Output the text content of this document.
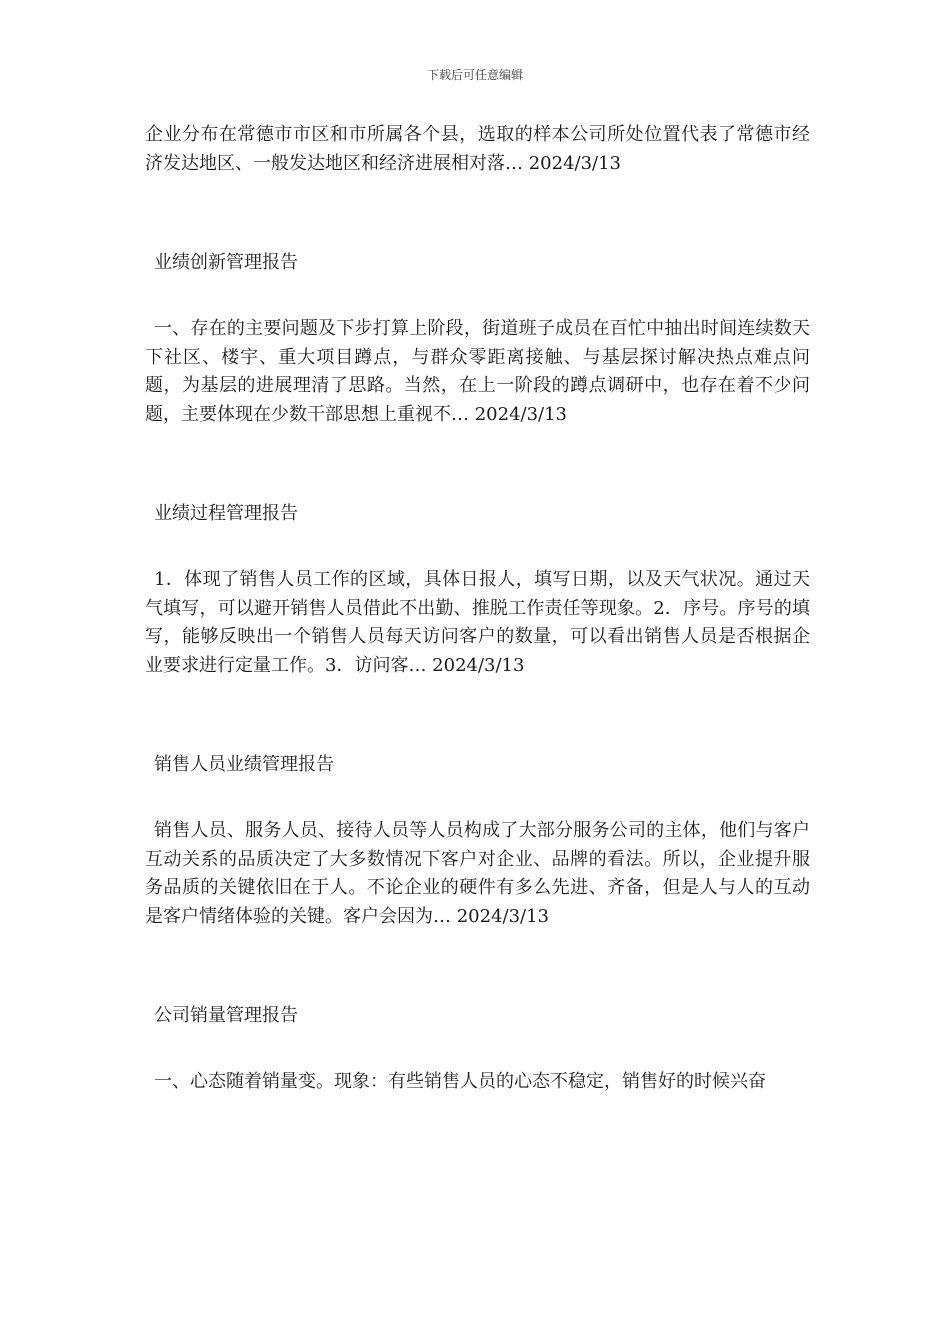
下载后可任意编辑

企业分布在常德市市区和市所属各个县，选取的样本公司所处位置代表了常德市经济发达地区、一般发达地区和经济进展相对落… 2024/3/13

业绩创新管理报告

一、存在的主要问题及下步打算上阶段，街道班子成员在百忙中抽出时间连续数天下社区、楼宇、重大项目蹲点，与群众零距离接触、与基层探讨解决热点难点问题，为基层的进展理清了思路。当然，在上一阶段的蹲点调研中，也存在着不少问题，主要体现在少数干部思想上重视不… 2024/3/13

业绩过程管理报告

1．体现了销售人员工作的区域，具体日报人，填写日期，以及天气状况。通过天气填写，可以避开销售人员借此不出勤、推脱工作责任等现象。2．序号。序号的填写，能够反映出一个销售人员每天访问客户的数量，可以看出销售人员是否根据企业要求进行定量工作。3．访问客… 2024/3/13

销售人员业绩管理报告

销售人员、服务人员、接待人员等人员构成了大部分服务公司的主体，他们与客户互动关系的品质决定了大多数情况下客户对企业、品牌的看法。所以，企业提升服务品质的关键依旧在于人。不论企业的硬件有多么先进、齐备，但是人与人的互动是客户情绪体验的关键。客户会因为… 2024/3/13

公司销量管理报告

一、心态随着销量变。现象：有些销售人员的心态不稳定，销售好的时候兴奋
